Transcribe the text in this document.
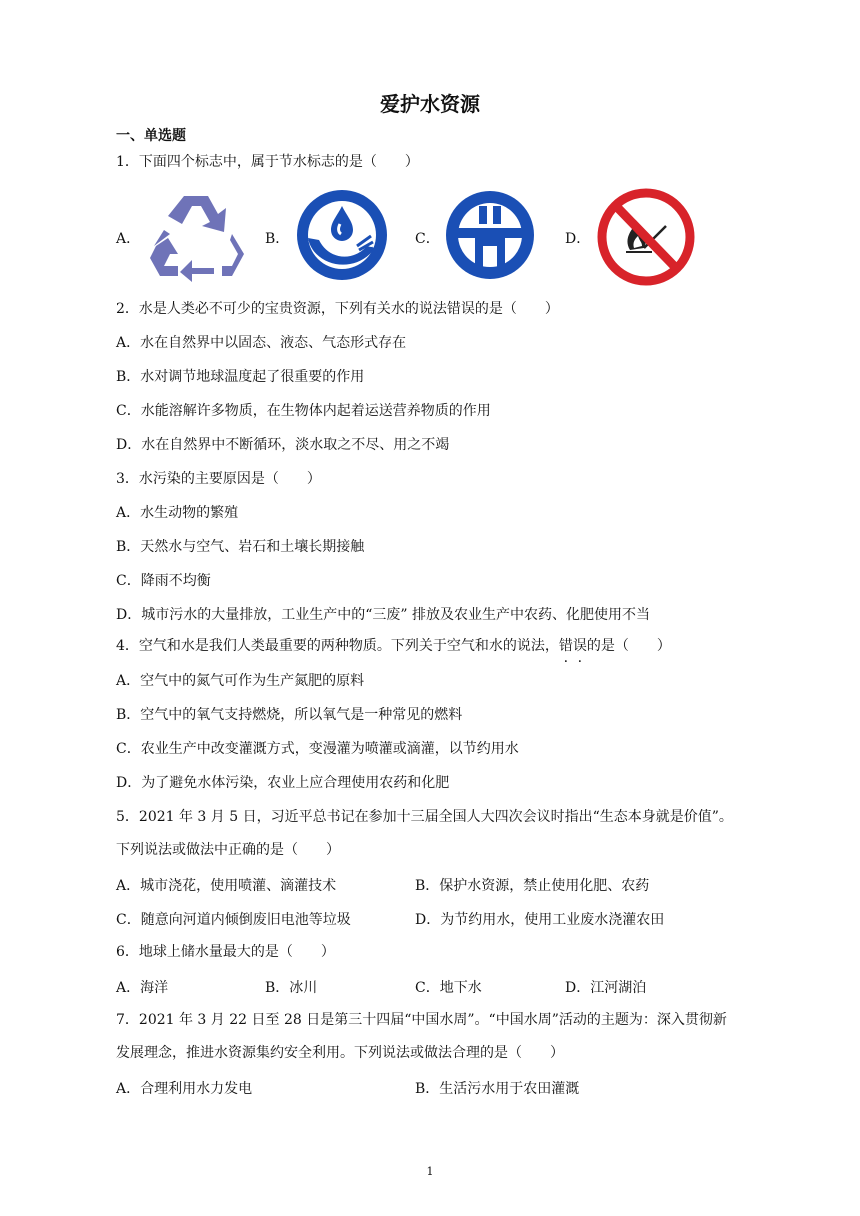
爱护水资源
一、单选题
1．下面四个标志中，属于节水标志的是（　　）
A．	B．	C．	D．
2．水是人类必不可少的宝贵资源，下列有关水的说法错误的是（　　）
A．水在自然界中以固态、液态、气态形式存在
B．水对调节地球温度起了很重要的作用
C．水能溶解许多物质，在生物体内起着运送营养物质的作用
D．水在自然界中不断循环，淡水取之不尽、用之不竭
3．水污染的主要原因是（　　）
A．水生动物的繁殖
B．天然水与空气、岩石和土壤长期接触
C．降雨不均衡
D．城市污水的大量排放，工业生产中的“三废” 排放及农业生产中农药、化肥使用不当
4．空气和水是我们人类最重要的两种物质。下列关于空气和水的说法，错误的是（　　）
A．空气中的氮气可作为生产氮肥的原料
B．空气中的氧气支持燃烧，所以氧气是一种常见的燃料
C．农业生产中改变灌溉方式，变漫灌为喷灌或滴灌，以节约用水
D．为了避免水体污染，农业上应合理使用农药和化肥
5．2021 年 3 月 5 日，习近平总书记在参加十三届全国人大四次会议时指出“生态本身就是价值”。
下列说法或做法中正确的是（　　）
A．城市浇花，使用喷灌、滴灌技术	B．保护水资源，禁止使用化肥、农药
C．随意向河道内倾倒废旧电池等垃圾	D．为节约用水，使用工业废水浇灌农田
6．地球上储水量最大的是（　　）
A．海洋	B．冰川	C．地下水	D．江河湖泊
7．2021 年 3 月 22 日至 28 日是第三十四届“中国水周”。“中国水周”活动的主题为：深入贯彻新
发展理念，推进水资源集约安全利用。下列说法或做法合理的是（　　）
A．合理利用水力发电	B．生活污水用于农田灌溉
1
